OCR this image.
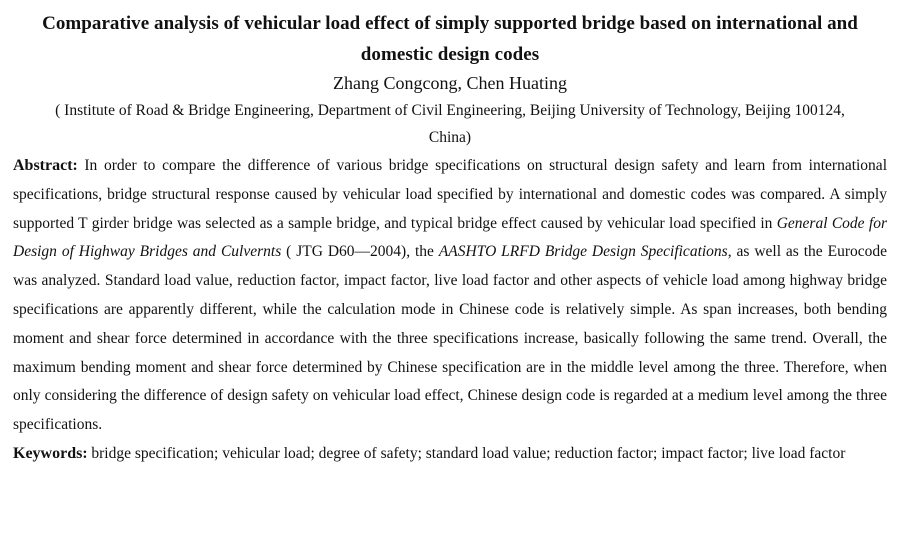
Comparative analysis of vehicular load effect of simply supported bridge based on international and domestic design codes
Zhang Congcong, Chen Huating
( Institute of Road & Bridge Engineering, Department of Civil Engineering, Beijing University of Technology, Beijing 100124, China)
Abstract: In order to compare the difference of various bridge specifications on structural design safety and learn from international specifications, bridge structural response caused by vehicular load specified by international and domestic codes was compared. A simply supported T girder bridge was selected as a sample bridge, and typical bridge effect caused by vehicular load specified in General Code for Design of Highway Bridges and Culvernts ( JTG D60—2004), the AASHTO LRFD Bridge Design Specifications, as well as the Eurocode was analyzed. Standard load value, reduction factor, impact factor, live load factor and other aspects of vehicle load among highway bridge specifications are apparently different, while the calculation mode in Chinese code is relatively simple. As span increases, both bending moment and shear force determined in accordance with the three specifications increase, basically following the same trend. Overall, the maximum bending moment and shear force determined by Chinese specification are in the middle level among the three. Therefore, when only considering the difference of design safety on vehicular load effect, Chinese design code is regarded at a medium level among the three specifications.
Keywords: bridge specification; vehicular load; degree of safety; standard load value; reduction factor; impact factor; live load factor
